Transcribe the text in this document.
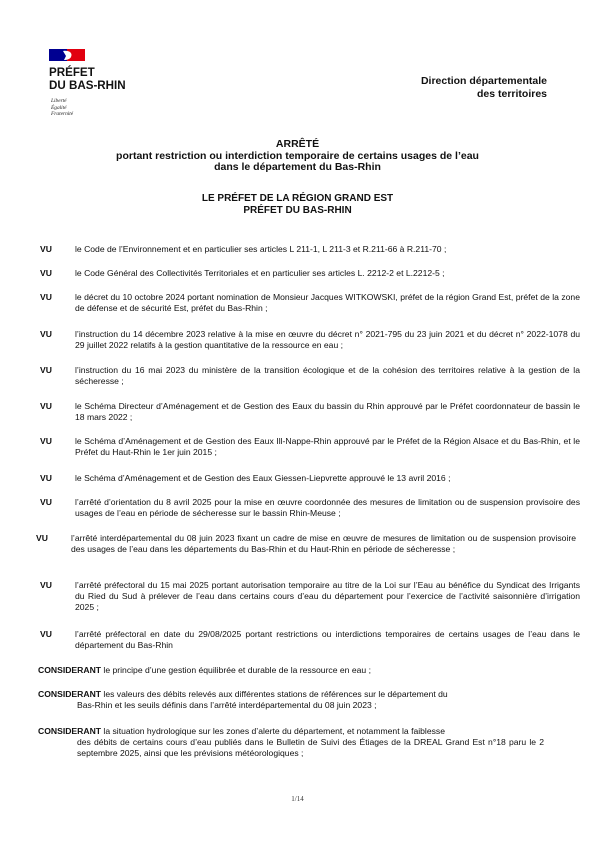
PRÉFET
DU BAS-RHIN
Liberté
Égalité
Fraternité
Direction départementale
des territoires
ARRÊTÉ
portant restriction ou interdiction temporaire de certains usages de l’eau
dans le département du Bas-Rhin
LE PRÉFET DE LA RÉGION GRAND EST
PRÉFET DU BAS-RHIN
VU	le Code de l’Environnement et en particulier ses articles L 211-1, L 211-3 et R.211-66 à R.211-70 ;
VU	le Code Général des Collectivités Territoriales et en particulier ses articles L. 2212-2 et L.2212-5 ;
VU	le décret du 10 octobre 2024 portant nomination de Monsieur Jacques WITKOWSKI, préfet de la région Grand Est, préfet de la zone de défense et de sécurité Est, préfet du Bas-Rhin ;
VU	l’instruction du 14 décembre 2023 relative à la mise en œuvre du décret n° 2021-795 du 23 juin 2021 et du décret n° 2022-1078 du 29 juillet 2022 relatifs à la gestion quantitative de la ressource en eau ;
VU	l’instruction du 16 mai 2023 du ministère de la transition écologique et de la cohésion des territoires relative à la gestion de la sécheresse ;
VU	le Schéma Directeur d’Aménagement et de Gestion des Eaux du bassin du Rhin approuvé par le Préfet coordonnateur de bassin le 18 mars 2022 ;
VU	le Schéma d’Aménagement et de Gestion des Eaux Ill-Nappe-Rhin approuvé par le Préfet de la Région Alsace et du Bas-Rhin, et le Préfet du Haut-Rhin le 1er juin 2015 ;
VU	le Schéma d’Aménagement et de Gestion des Eaux Giessen-Liepvrette approuvé le 13 avril 2016 ;
VU	l’arrêté d’orientation du 8 avril 2025 pour la mise en œuvre coordonnée des mesures de limitation ou de suspension provisoire des usages de l’eau en période de sécheresse sur le bassin Rhin-Meuse ;
VU	l’arrêté interdépartemental du 08 juin 2023 fixant un cadre de mise en œuvre de mesures de limitation ou de suspension provisoire des usages de l’eau dans les départements du Bas-Rhin et du Haut-Rhin en période de sécheresse ;
VU	l’arrêté préfectoral du 15 mai 2025 portant autorisation temporaire au titre de la Loi sur l’Eau au bénéfice du Syndicat des Irrigants du Ried du Sud à prélever de l’eau dans certains cours d’eau du département pour l’exercice de l’activité saisonnière d’irrigation 2025 ;
VU	l’arrêté préfectoral en date du 29/08/2025 portant restrictions ou interdictions temporaires de certains usages de l’eau dans le département du Bas-Rhin
CONSIDERANT le principe d’une gestion équilibrée et durable de la ressource en eau ;
CONSIDERANT les valeurs des débits relevés aux différentes stations de références sur le département du
Bas-Rhin et les seuils définis dans l’arrêté interdépartemental du 08 juin 2023 ;
CONSIDERANT la situation hydrologique sur les zones d’alerte du département, et notamment la faiblesse
des débits de certains cours d’eau publiés dans le Bulletin de Suivi des Étiages de la DREAL Grand Est n°18 paru le 2 septembre 2025, ainsi que les prévisions météorologiques ;
1/14
